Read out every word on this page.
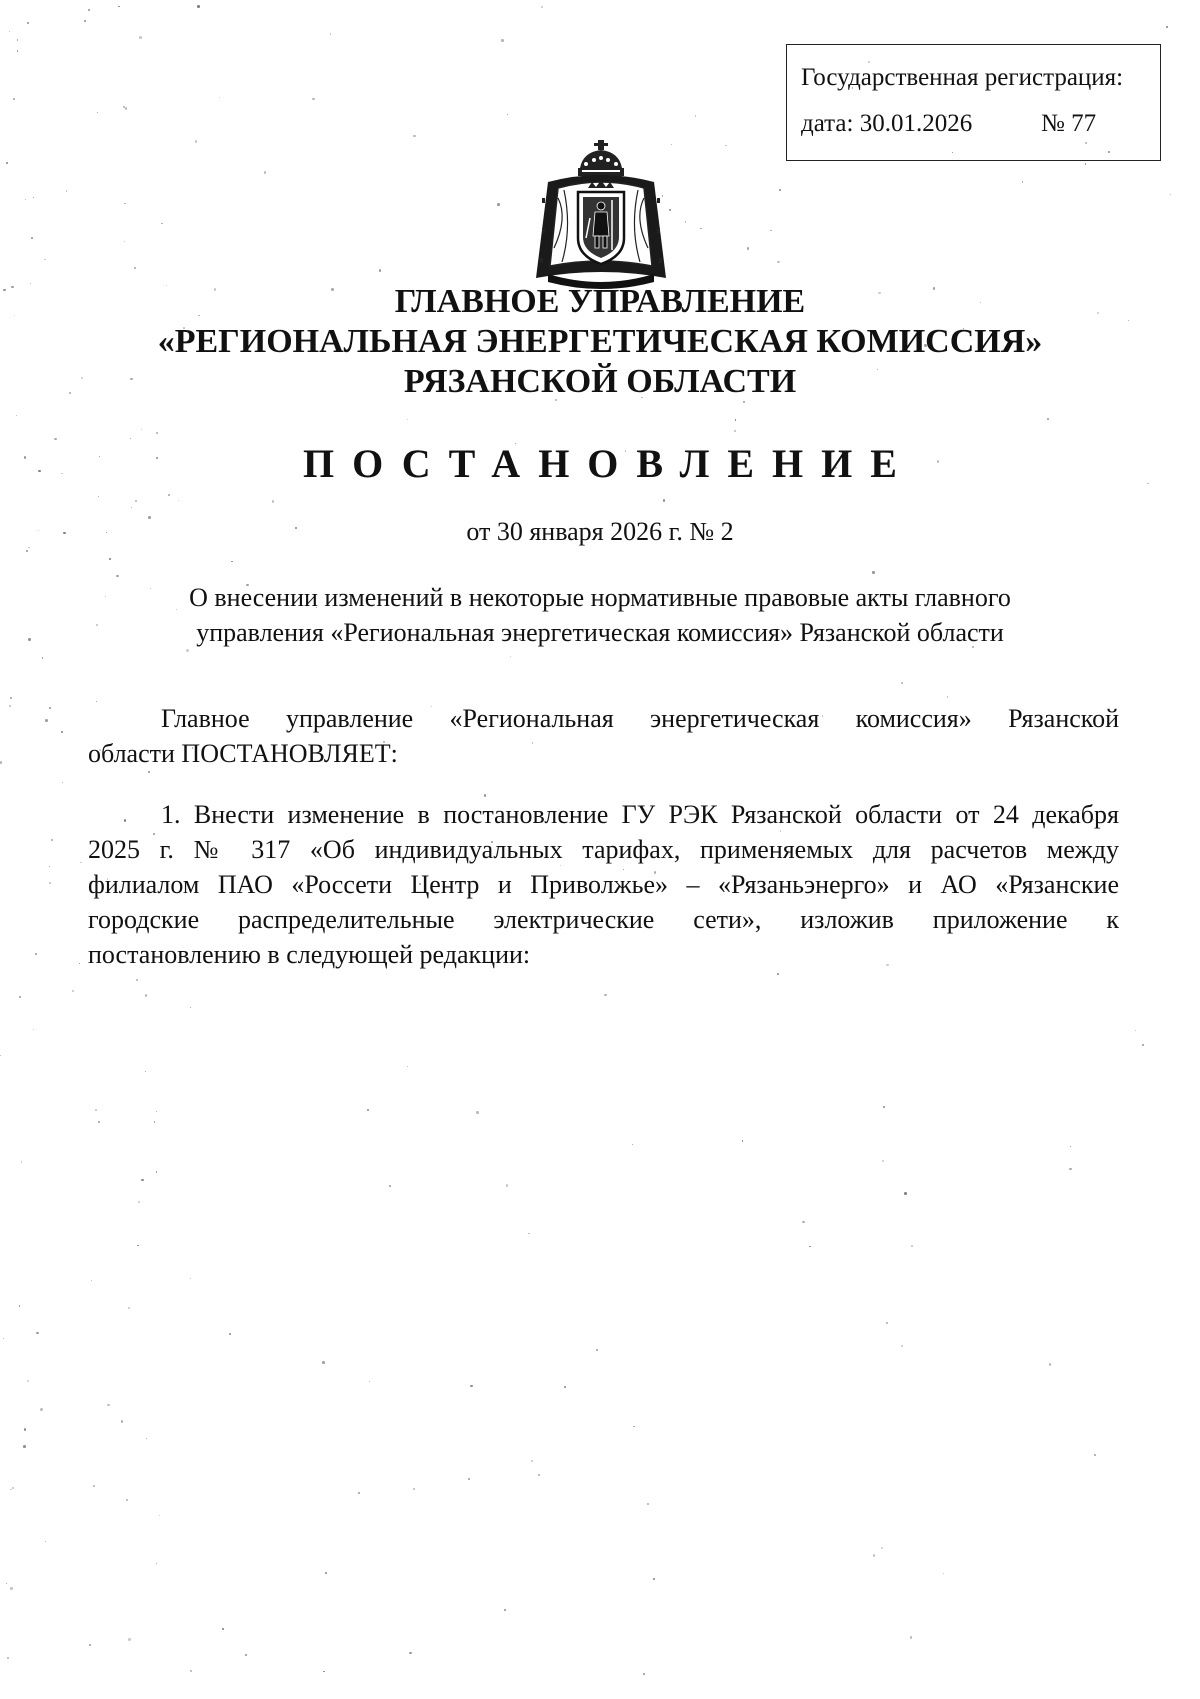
Государственная регистрация:
дата: 30.01.2026	№ 77
ГЛАВНОЕ УПРАВЛЕНИЕ
«РЕГИОНАЛЬНАЯ ЭНЕРГЕТИЧЕСКАЯ КОМИССИЯ»
РЯЗАНСКОЙ ОБЛАСТИ
ПОСТАНОВЛЕНИЕ
от 30 января 2026 г. № 2
О внесении изменений в некоторые нормативные правовые акты главного
управления «Региональная энергетическая комиссия» Рязанской области
Главное управление «Региональная энергетическая комиссия» Рязанской
области ПОСТАНОВЛЯЕТ:
1. Внести изменение в постановление ГУ РЭК Рязанской области от 24 декабря
2025 г. № 317 «Об индивидуальных тарифах, применяемых для расчетов между
филиалом ПАО «Россети Центр и Приволжье» – «Рязаньэнерго» и АО «Рязанские
городские распределительные электрические сети», изложив приложение к
постановлению в следующей редакции:
